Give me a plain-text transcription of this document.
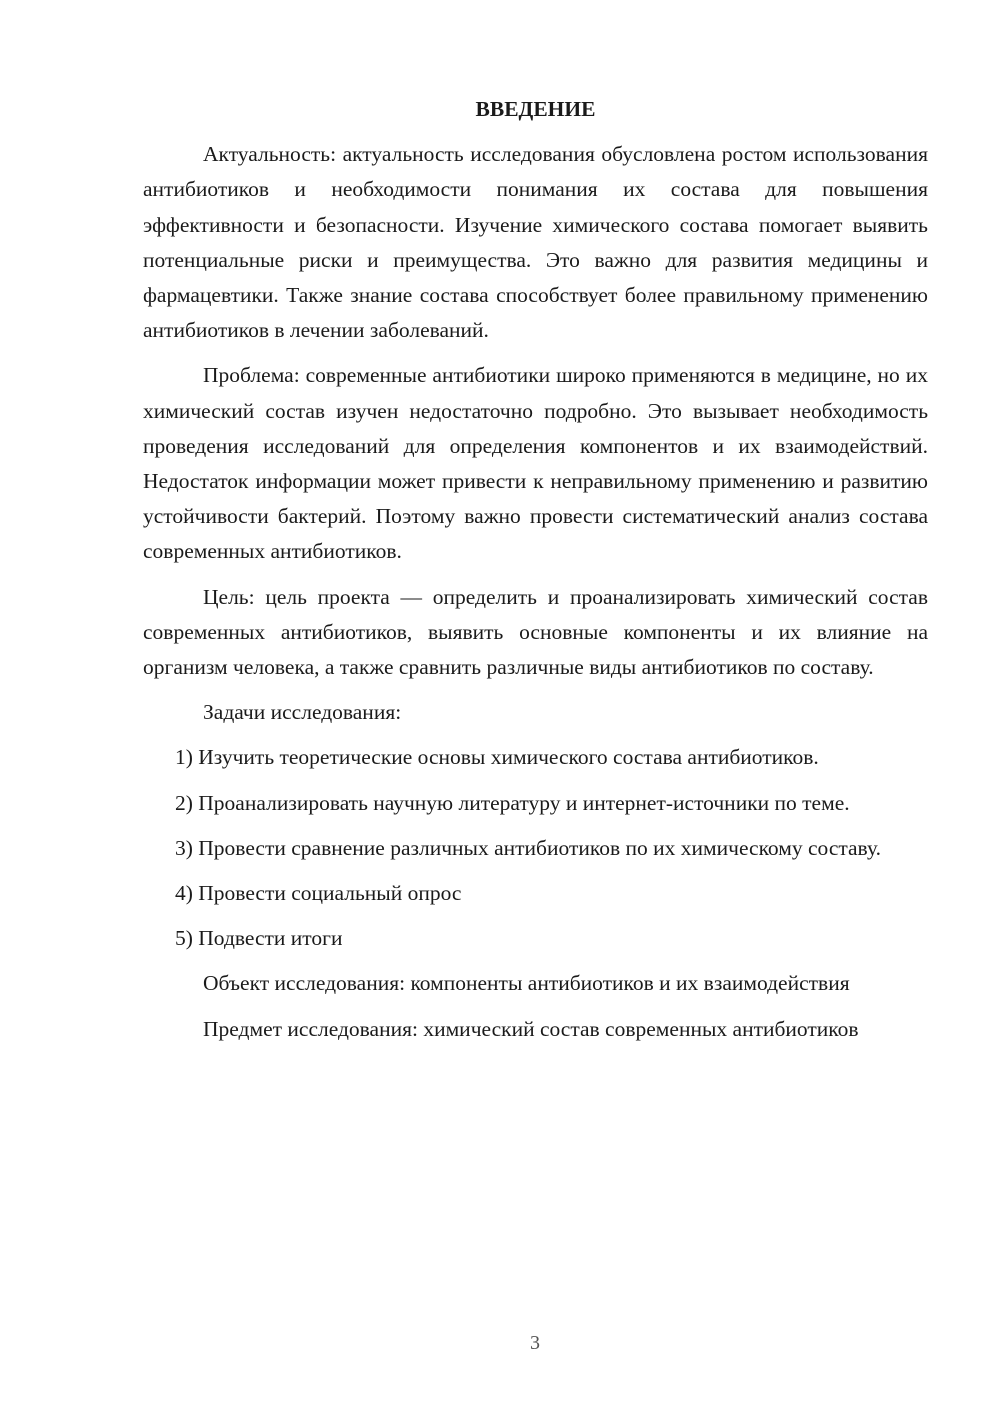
ВВЕДЕНИЕ

Актуальность: актуальность исследования обусловлена ростом использования антибиотиков и необходимости понимания их состава для повышения эффективности и безопасности. Изучение химического состава помогает выявить потенциальные риски и преимущества. Это важно для развития медицины и фармацевтики. Также знание состава способствует более правильному применению антибиотиков в лечении заболеваний.

Проблема: современные антибиотики широко применяются в медицине, но их химический состав изучен недостаточно подробно. Это вызывает необходимость проведения исследований для определения компонентов и их взаимодействий. Недостаток информации может привести к неправильному применению и развитию устойчивости бактерий. Поэтому важно провести систематический анализ состава современных антибиотиков.

Цель: цель проекта — определить и проанализировать химический состав современных антибиотиков, выявить основные компоненты и их влияние на организм человека, а также сравнить различные виды антибиотиков по составу.

Задачи исследования:

1) Изучить теоретические основы химического состава антибиотиков.

2) Проанализировать научную литературу и интернет-источники по теме.

3) Провести сравнение различных антибиотиков по их химическому составу.

4) Провести социальный опрос

5) Подвести итоги

Объект исследования: компоненты антибиотиков и их взаимодействия

Предмет исследования: химический состав современных антибиотиков

3
